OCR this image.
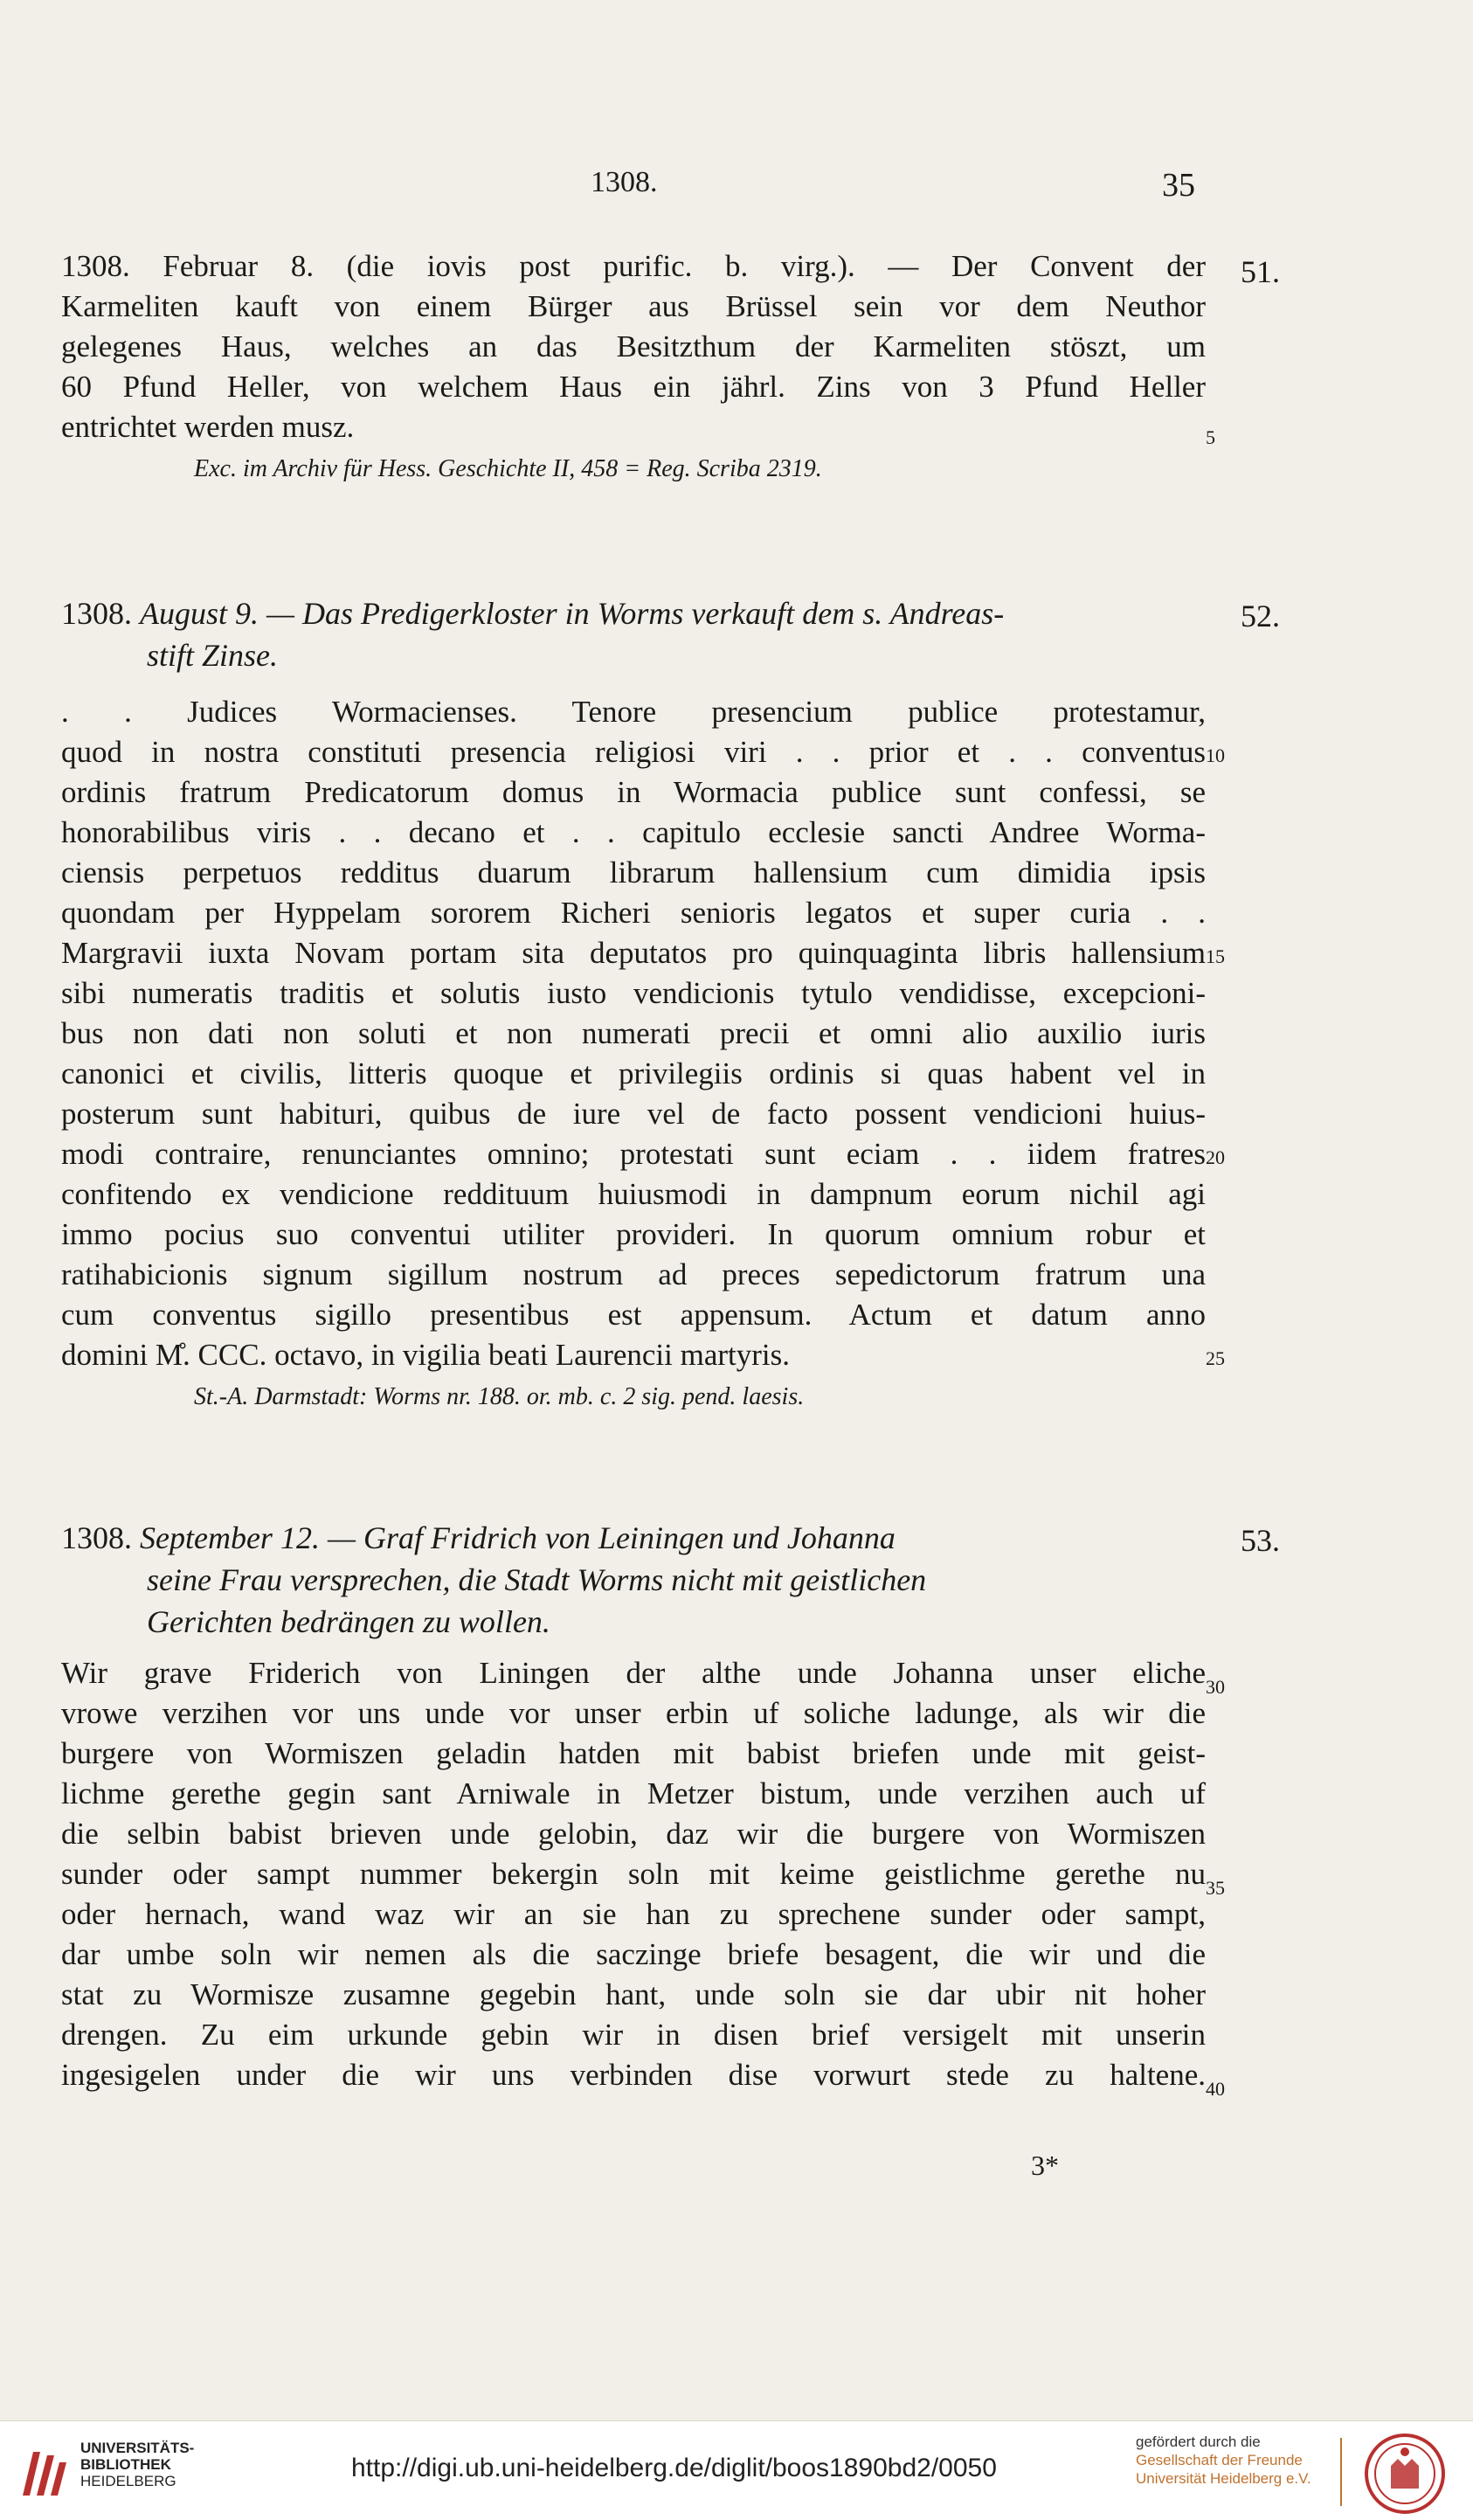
1308.	35
51.
1308. Februar 8. (die iovis post purific. b. virg.). — Der Convent der
Karmeliten kauft von einem Bürger aus Brüssel sein vor dem Neuthor
gelegenes Haus, welches an das Besitzthum der Karmeliten stöszt, um
60 Pfund Heller, von welchem Haus ein jährl. Zins von 3 Pfund Heller
entrichtet werden musz.
Exc. im Archiv für Hess. Geschichte II, 458 = Reg. Scriba 2319.
52.
1308. August 9. — Das Predigerkloster in Worms verkauft dem s. Andreas-
stift Zinse.
. . Judices Wormacienses. Tenore presencium publice protestamur,
quod in nostra constituti presencia religiosi viri . . prior et . . conventus
ordinis fratrum Predicatorum domus in Wormacia publice sunt confessi, se
honorabilibus viris . . decano et . . capitulo ecclesie sancti Andree Worma-
ciensis perpetuos redditus duarum librarum hallensium cum dimidia ipsis
quondam per Hyppelam sororem Richeri senioris legatos et super curia . .
Margravii iuxta Novam portam sita deputatos pro quinquaginta libris hallensium
sibi numeratis traditis et solutis iusto vendicionis tytulo vendidisse, excepcioni-
bus non dati non soluti et non numerati precii et omni alio auxilio iuris
canonici et civilis, litteris quoque et privilegiis ordinis si quas habent vel in
posterum sunt habituri, quibus de iure vel de facto possent vendicioni huius-
modi contraire, renunciantes omnino; protestati sunt eciam . . iidem fratres
confitendo ex vendicione reddituum huiusmodi in dampnum eorum nichil agi
immo pocius suo conventui utiliter provideri. In quorum omnium robur et
ratihabicionis signum sigillum nostrum ad preces sepedictorum fratrum una
cum conventus sigillo presentibus est appensum. Actum et datum anno
domini M̊. CCC. octavo, in vigilia beati Laurencii martyris.
St.-A. Darmstadt: Worms nr. 188. or. mb. c. 2 sig. pend. laesis.
53.
1308. September 12. — Graf Fridrich von Leiningen und Johanna
seine Frau versprechen, die Stadt Worms nicht mit geistlichen
Gerichten bedrängen zu wollen.
Wir grave Friderich von Liningen der althe unde Johanna unser eliche
vrowe verzihen vor uns unde vor unser erbin uf soliche ladunge, als wir die
burgere von Wormiszen geladin hatden mit babist briefen unde mit geist-
lichme gerethe gegin sant Arniwale in Metzer bistum, unde verzihen auch uf
die selbin babist brieven unde gelobin, daz wir die burgere von Wormiszen
sunder oder sampt nummer bekergin soln mit keime geistlichme gerethe nu
oder hernach, wand waz wir an sie han zu sprechene sunder oder sampt,
dar umbe soln wir nemen als die saczinge briefe besagent, die wir und die
stat zu Wormisze zusamne gegebin hant, unde soln sie dar ubir nit hoher
drengen. Zu eim urkunde gebin wir in disen brief versigelt mit unserin
ingesigelen under die wir uns verbinden dise vorwurt stede zu haltene.
5
10
15
20
25
30
35
40
3*
UNIVERSITÄTS-
BIBLIOTHEK
HEIDELBERG	http://digi.ub.uni-heidelberg.de/diglit/boos1890bd2/0050
gefördert durch die
Gesellschaft der Freunde
Universität Heidelberg e.V.
